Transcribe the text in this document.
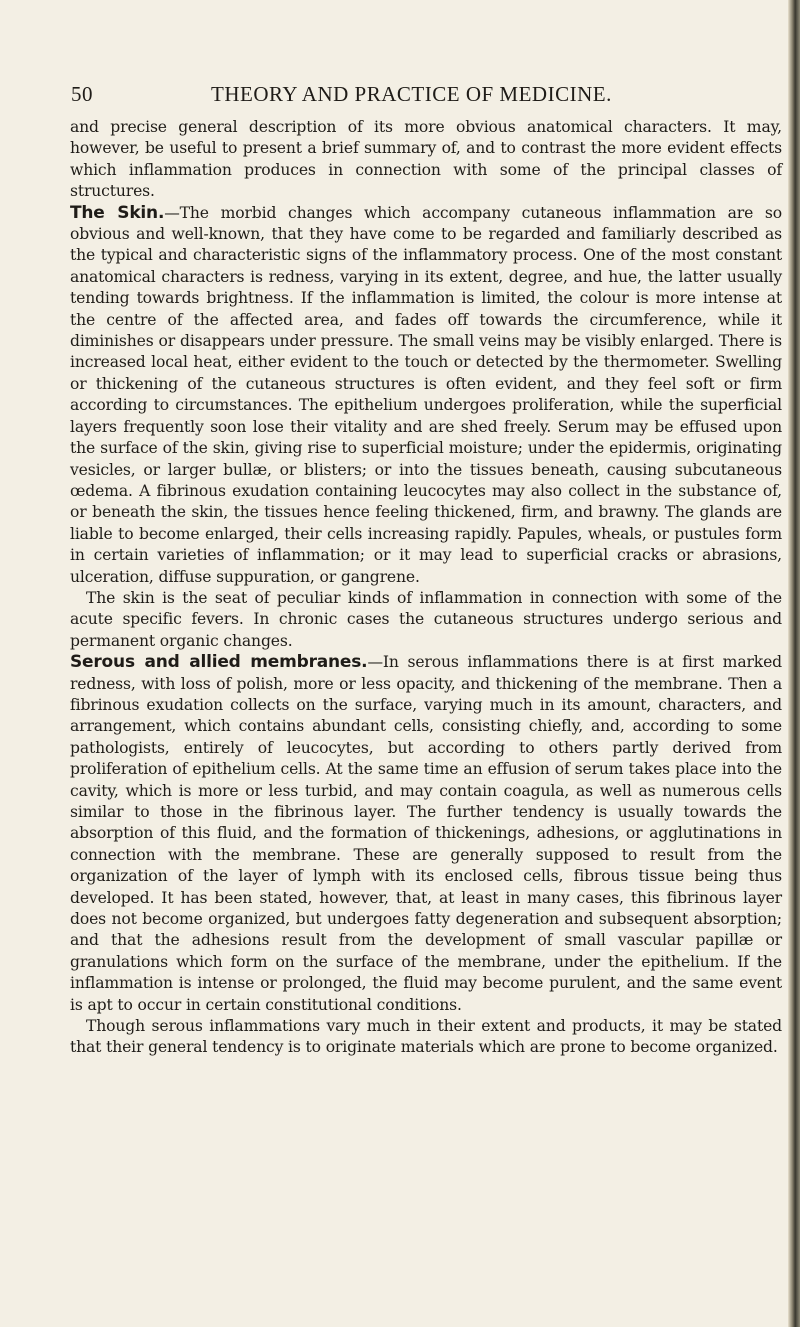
50	THEORY AND PRACTICE OF MEDICINE.

and precise general description of its more obvious anatomical characters. It may, however, be useful to present a brief summary of, and to contrast the more evident effects which inflammation produces in connection with some of the principal classes of structures.

The Skin.—The morbid changes which accompany cutaneous inflammation are so obvious and well-known, that they have come to be regarded and familiarly described as the typical and characteristic signs of the inflammatory process. One of the most constant anatomical characters is redness, varying in its extent, degree, and hue, the latter usually tending towards brightness. If the inflammation is limited, the colour is more intense at the centre of the affected area, and fades off towards the circumference, while it diminishes or disappears under pressure. The small veins may be visibly enlarged. There is increased local heat, either evident to the touch or detected by the thermometer. Swelling or thickening of the cutaneous structures is often evident, and they feel soft or firm according to circumstances. The epithelium undergoes proliferation, while the superficial layers frequently soon lose their vitality and are shed freely. Serum may be effused upon the surface of the skin, giving rise to superficial moisture; under the epidermis, originating vesicles, or larger bullæ, or blisters; or into the tissues beneath, causing subcutaneous œdema. A fibrinous exudation containing leucocytes may also collect in the substance of, or beneath the skin, the tissues hence feeling thickened, firm, and brawny. The glands are liable to become enlarged, their cells increasing rapidly. Papules, wheals, or pustules form in certain varieties of inflammation; or it may lead to superficial cracks or abrasions, ulceration, diffuse suppuration, or gangrene.

The skin is the seat of peculiar kinds of inflammation in connection with some of the acute specific fevers. In chronic cases the cutaneous structures undergo serious and permanent organic changes.

Serous and allied membranes.—In serous inflammations there is at first marked redness, with loss of polish, more or less opacity, and thickening of the membrane. Then a fibrinous exudation collects on the surface, varying much in its amount, characters, and arrangement, which contains abundant cells, consisting chiefly, and, according to some pathologists, entirely of leucocytes, but according to others partly derived from proliferation of epithelium cells. At the same time an effusion of serum takes place into the cavity, which is more or less turbid, and may contain coagula, as well as numerous cells similar to those in the fibrinous layer. The further tendency is usually towards the absorption of this fluid, and the formation of thickenings, adhesions, or agglutinations in connection with the membrane. These are generally supposed to result from the organization of the layer of lymph with its enclosed cells, fibrous tissue being thus developed. It has been stated, however, that, at least in many cases, this fibrinous layer does not become organized, but undergoes fatty degeneration and subsequent absorption; and that the adhesions result from the development of small vascular papillæ or granulations which form on the surface of the membrane, under the epithelium. If the inflammation is intense or prolonged, the fluid may become purulent, and the same event is apt to occur in certain constitutional conditions.

Though serous inflammations vary much in their extent and products, it may be stated that their general tendency is to originate materials which are prone to become organized.
